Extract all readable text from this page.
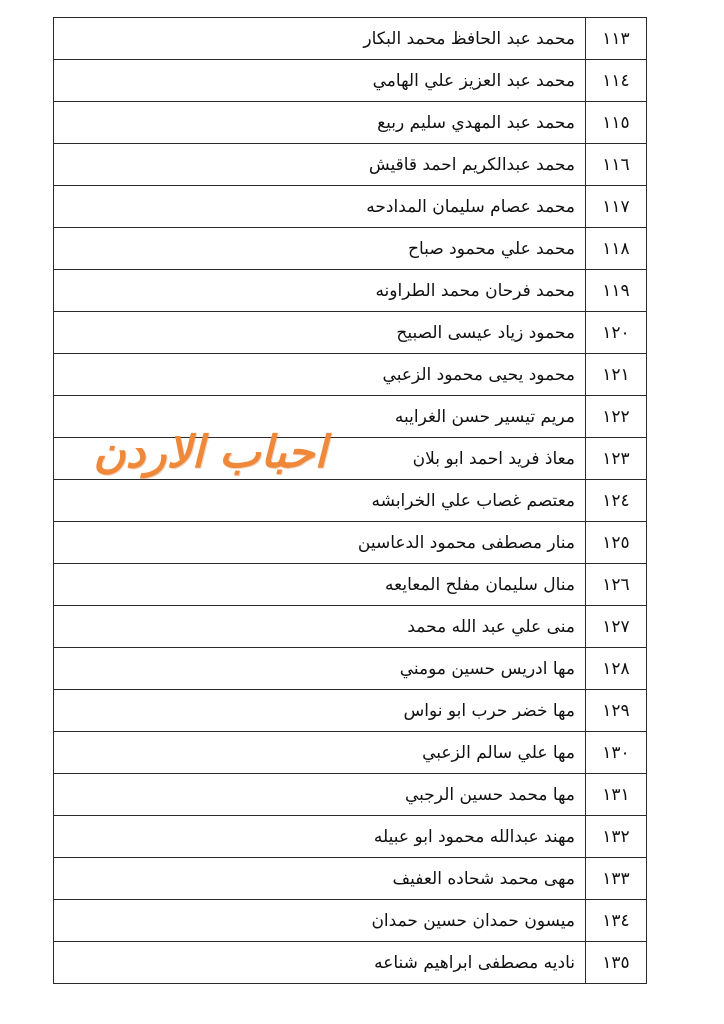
١١٣	محمد عبد الحافظ محمد البكار
١١٤	محمد عبد العزيز علي الهامي
١١٥	محمد عبد المهدي سليم ربيع
١١٦	محمد عبدالكريم احمد قاقيش
١١٧	محمد عصام سليمان المدادحه
١١٨	محمد علي محمود صباح
١١٩	محمد فرحان محمد الطراونه
١٢٠	محمود زياد عيسى الصبيح
١٢١	محمود يحيى محمود الزعبي
١٢٢	مريم تيسير حسن الغرايبه
١٢٣	معاذ فريد احمد ابو بلان
١٢٤	معتصم غصاب علي الخرابشه
١٢٥	منار مصطفى محمود الدعاسين
١٢٦	منال سليمان مفلح المعايعه
١٢٧	منى علي عبد الله محمد
١٢٨	مها ادريس حسين مومني
١٢٩	مها خضر حرب ابو نواس
١٣٠	مها علي سالم الزعبي
١٣١	مها محمد حسين الرجبي
١٣٢	مهند عبدالله محمود ابو عبيله
١٣٣	مهى محمد شحاده العفيف
١٣٤	ميسون حمدان حسين حمدان
١٣٥	ناديه مصطفى ابراهيم شناعه
احباب الاردن
